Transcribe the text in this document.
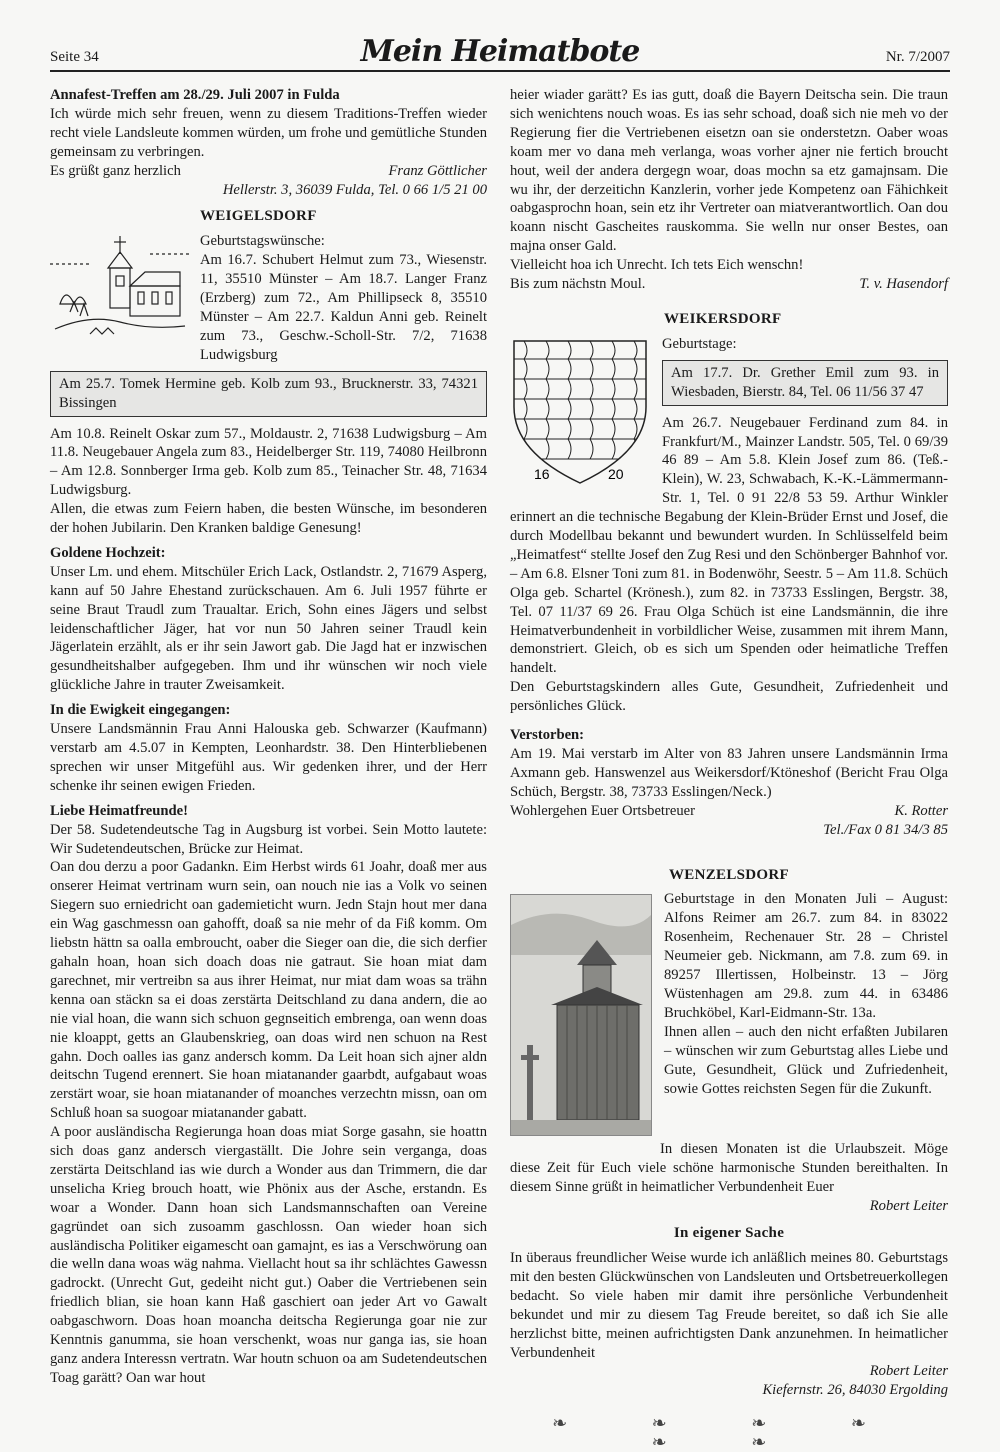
Seite 34	Mein Heimatbote	Nr. 7/2007
Annafest-Treffen am 28./29. Juli 2007 in Fulda

Ich würde mich sehr freuen, wenn zu diesem Traditions-Treffen wieder recht viele Landsleute kommen würden, um frohe und gemütliche Stunden gemeinsam zu verbringen.

Es grüßt ganz herzlich	Franz Göttlicher
Hellerstr. 3, 36039 Fulda, Tel. 0 66 1/5 21 00
WEIGELSDORF
Geburtstagswünsche:

Am 16.7. Schubert Helmut zum 73., Wiesenstr. 11, 35510 Münster – Am 18.7. Langer Franz (Erzberg) zum 72., Am Phillipseck 8, 35510 Münster – Am 22.7. Kaldun Anni geb. Reinelt zum 73., Geschw.-Scholl-Str. 7/2, 71638 Ludwigsburg

Am 25.7. Tomek Hermine geb. Kolb zum 93., Brucknerstr. 33, 74321 Bissingen

Am 10.8. Reinelt Oskar zum 57., Moldaustr. 2, 71638 Ludwigsburg – Am 11.8. Neugebauer Angela zum 83., Heidelberger Str. 119, 74080 Heilbronn – Am 12.8. Sonnberger Irma geb. Kolb zum 85., Teinacher Str. 48, 71634 Ludwigsburg.

Allen, die etwas zum Feiern haben, die besten Wünsche, im besonderen der hohen Jubilarin. Den Kranken baldige Genesung!

Goldene Hochzeit:

Unser Lm. und ehem. Mitschüler Erich Lack, Ostlandstr. 2, 71679 Asperg, kann auf 50 Jahre Ehestand zurückschauen. Am 6. Juli 1957 führte er seine Braut Traudl zum Traualtar. Erich, Sohn eines Jägers und selbst leidenschaftlicher Jäger, hat vor nun 50 Jahren seiner Traudl kein Jägerlatein erzählt, als er ihr sein Jawort gab. Die Jagd hat er inzwischen gesundheitshalber aufgegeben. Ihm und ihr wünschen wir noch viele glückliche Jahre in trauter Zweisamkeit.

In die Ewigkeit eingegangen:

Unsere Landsmännin Frau Anni Halouska geb. Schwarzer (Kaufmann) verstarb am 4.5.07 in Kempten, Leonhardstr. 38. Den Hinterbliebenen sprechen wir unser Mitgefühl aus. Wir gedenken ihrer, und der Herr schenke ihr seinen ewigen Frieden.

Liebe Heimatfreunde!

Der 58. Sudetendeutsche Tag in Augsburg ist vorbei. Sein Motto lautete: Wir Sudetendeutschen, Brücke zur Heimat.

Oan dou derzu a poor Gadankn. Eim Herbst wirds 61 Joahr, doaß mer aus onserer Heimat vertrinam wurn sein, oan nouch nie ias a Volk vo seinen Siegern suo erniedricht oan gademieticht wurn. Jedn Stajn hout mer dana ein Wag gaschmessn oan gahofft, doaß sa nie mehr of da Fiß komm. Om liebstn hättn sa oalla embroucht, oaber die Sieger oan die, die sich derfier gahaln hoan, hoan sich doach doas nie gatraut. Sie hoan miat dam garechnet, mir vertreibn sa aus ihrer Heimat, nur miat dam woas sa trähn kenna oan stäckn sa ei doas zerstärta Deitschland zu dana andern, die ao nie vial hoan, die wann sich schuon gegnseitich embrenga, oan wenn doas nie kloappt, getts an Glaubenskrieg, oan doas wird nen schuon na Rest gahn. Doch oalles ias ganz andersch komm. Da Leit hoan sich ajner aldn deitschn Tugend erennert. Sie hoan miatanander gaarbdt, aufgabaut woas zerstärt woar, sie hoan miatanander of moanches verzechtn missn, oan om Schluß hoan sa suogoar miatanander gabatt.

A poor ausländischa Regierunga hoan doas miat Sorge gasahn, sie hoattn sich doas ganz andersch viergaställt. Die Johre sein verganga, doas zerstärta Deitschland ias wie durch a Wonder aus dan Trimmern, die dar unselicha Krieg brouch hoatt, wie Phönix aus der Asche, erstandn. Es woar a Wonder. Dann hoan sich Landsmannschaften oan Vereine gagründet oan sich zusoamm gaschlossn. Oan wieder hoan sich ausländischa Politiker eigamescht oan gamajnt, es ias a Verschwörung oan die welln dana woas wäg nahma. Viellacht hout sa ihr schlächtes Gawessn gadrockt. (Unrecht Gut, gedeiht nicht gut.) Oaber die Vertriebenen sein friedlich blian, sie hoan kann Haß gaschiert oan jeder Art vo Gawalt oabgaschworn. Doas hoan moancha deitscha Regierunga goar nie zur Kenntnis ganumma, sie hoan verschenkt, woas nur ganga ias, sie hoan ganz andera Interessn vertratn. War houtn schuon oa am Sudetendeutschen Toag garätt? Oan war hout

heier wiader garätt? Es ias gutt, doaß die Bayern Deitscha sein. Die traun sich wenichtens nouch woas. Es ias sehr schoad, doaß sich nie meh vo der Regierung fier die Vertriebenen eisetzn oan sie onderstetzn. Oaber woas koam mer vo dana meh verlanga, woas vorher ajner nie fertich broucht hout, weil der andera dergegn woar, doas mochn sa etz gamajnsam. Die wu ihr, der derzeitichn Kanzlerin, vorher jede Kompetenz oan Fähichkeit oabgasprochn hoan, sein etz ihr Vertreter oan miatverantwortlich. Oan dou koann nischt Gascheites rauskomma. Sie welln nur onser Bestes, oan majna onser Gald.

Vielleicht hoa ich Unrecht. Ich tets Eich wenschn!
Bis zum nächstn Moul.	T. v. Hasendorf
WEIKERSDORF
16	20
Geburtstage:

Am 17.7. Dr. Grether Emil zum 93. in Wiesbaden, Bierstr. 84, Tel. 06 11/56 37 47

Am 26.7. Neugebauer Ferdinand zum 84. in Frankfurt/M., Mainzer Landstr. 505, Tel. 0 69/39 46 89 – Am 5.8. Klein Josef zum 86. (Teß.-Klein), W. 23, Schwabach, K.-K.-Lämmermann-Str. 1, Tel. 0 91 22/8 53 59. Arthur Winkler erinnert an die technische Begabung der Klein-Brüder Ernst und Josef, die durch Modellbau bekannt und bewundert wurden. In Schlüsselfeld beim „Heimatfest“ stellte Josef den Zug Resi und den Schönberger Bahnhof vor. – Am 6.8. Elsner Toni zum 81. in Bodenwöhr, Seestr. 5 – Am 11.8. Schüch Olga geb. Schartel (Krönesh.), zum 82. in 73733 Esslingen, Bergstr. 38, Tel. 07 11/37 69 26. Frau Olga Schüch ist eine Landsmännin, die ihre Heimatverbundenheit in vorbildlicher Weise, zusammen mit ihrem Mann, demonstriert. Gleich, ob es sich um Spenden oder heimatliche Treffen handelt.

Den Geburtstagskindern alles Gute, Gesundheit, Zufriedenheit und persönliches Glück.

Verstorben:

Am 19. Mai verstarb im Alter von 83 Jahren unsere Landsmännin Irma Axmann geb. Hanswenzel aus Weikersdorf/Ktöneshof (Bericht Frau Olga Schüch, Bergstr. 38, 73733 Esslingen/Neck.)

Wohlergehen Euer Ortsbetreuer	K. Rotter
Tel./Fax 0 81 34/3 85
WENZELSDORF

Geburtstage in den Monaten Juli – August: Alfons Reimer am 26.7. zum 84. in 83022 Rosenheim, Rechenauer Str. 28 – Christel Neumeier geb. Nickmann, am 7.8. zum 69. in 89257 Illertissen, Holbeinstr. 13 – Jörg Wüstenhagen am 29.8. zum 44. in 63486 Bruchköbel, Karl-Eidmann-Str. 13a.

Ihnen allen – auch den nicht erfaßten Jubilaren – wünschen wir zum Geburtstag alles Liebe und Gute, Gesundheit, Glück und Zufriedenheit, sowie Gottes reichsten Segen für die Zukunft.

In diesen Monaten ist die Urlaubszeit. Möge diese Zeit für Euch viele schöne harmonische Stunden bereithalten. In diesem Sinne grüßt in heimatlicher Verbundenheit Euer

Robert Leiter
In eigener Sache

In überaus freundlicher Weise wurde ich anläßlich meines 80. Geburtstags mit den besten Glückwünschen von Landsleuten und Ortsbetreuerkollegen bedacht. So viele haben mir damit ihre persönliche Verbundenheit bekundet und mir zu diesem Tag Freude bereitet, so daß ich Sie alle herzlichst bitte, meinen aufrichtigsten Dank anzunehmen. In heimatlicher Verbundenheit

Robert Leiter
Kiefernstr. 26, 84030 Ergolding
❧ ❧ ❧ ❧ ❧ ❧
